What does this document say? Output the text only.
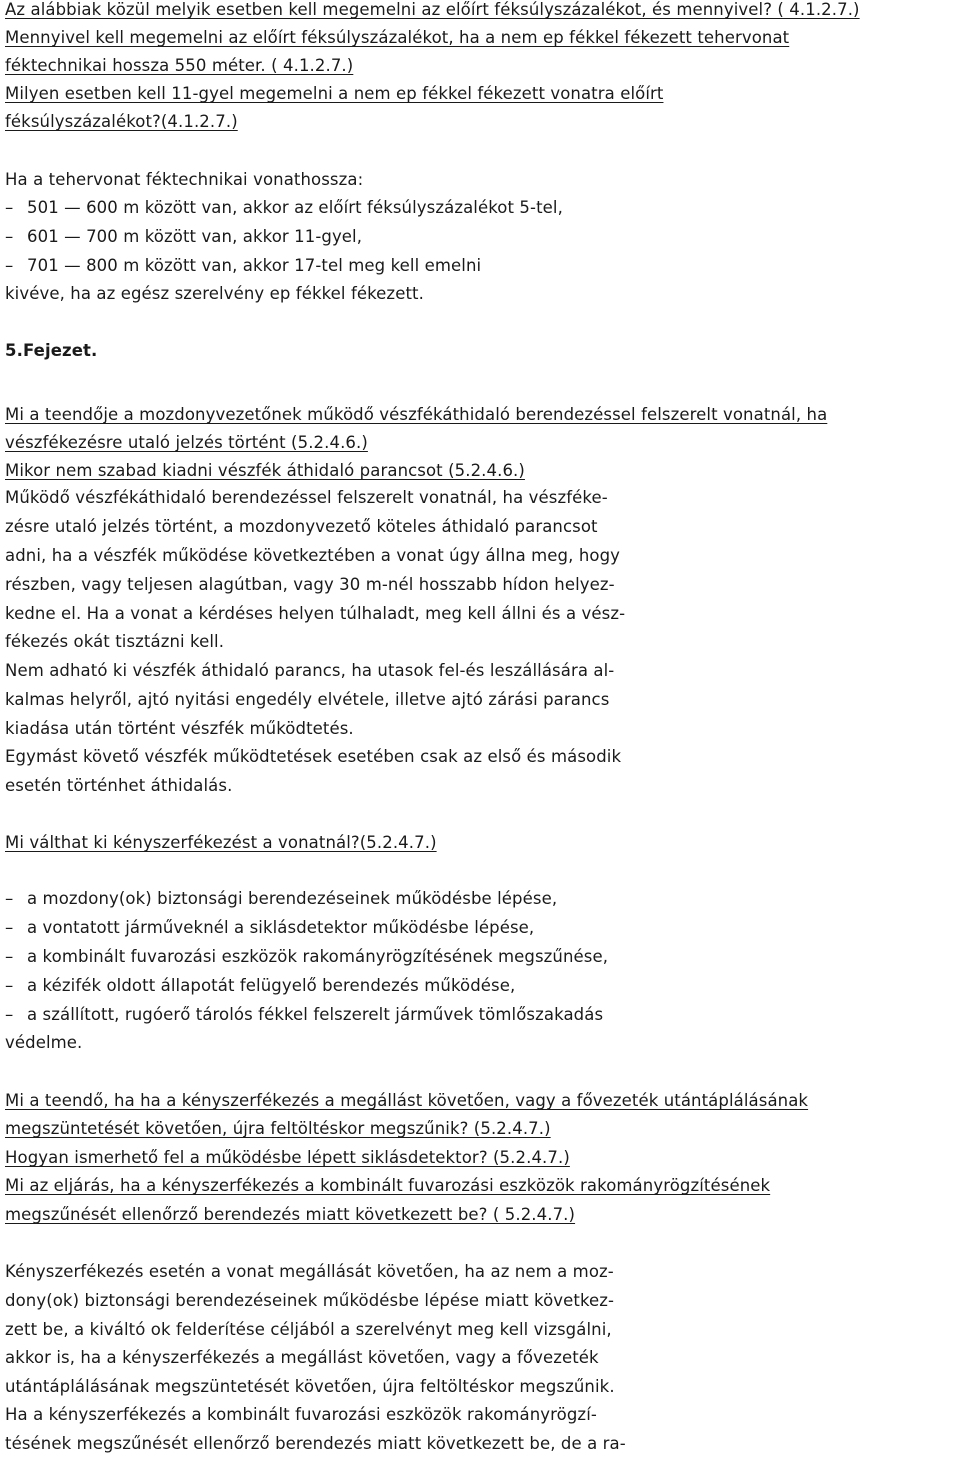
Az alábbiak közül melyik esetben kell megemelni az előírt féksúlyszázalékot, és mennyivel? ( 4.1.2.7.)
Mennyivel kell megemelni az előírt féksúlyszázalékot, ha a nem ep fékkel fékezett tehervonat
féktechnikai hossza 550 méter. ( 4.1.2.7.)
Milyen esetben kell 11-gyel megemelni a nem ep fékkel fékezett vonatra előírt
féksúlyszázalékot?(4.1.2.7.)
Ha a tehervonat féktechnikai vonathossza:
– 501 — 600 m között van, akkor az előírt féksúlyszázalékot 5-tel,
– 601 — 700 m között van, akkor 11-gyel,
– 701 — 800 m között van, akkor 17-tel meg kell emelni
kivéve, ha az egész szerelvény ep fékkel fékezett.
5.Fejezet.
Mi a teendője a mozdonyvezetőnek működő vészfékáthidaló berendezéssel felszerelt vonatnál, ha
vészfékezésre utaló jelzés történt (5.2.4.6.)
Mikor nem szabad kiadni vészfék áthidaló parancsot (5.2.4.6.)
Működő vészfékáthidaló berendezéssel felszerelt vonatnál, ha vészféke-
zésre utaló jelzés történt, a mozdonyvezető köteles áthidaló parancsot
adni, ha a vészfék működése következtében a vonat úgy állna meg, hogy
részben, vagy teljesen alagútban, vagy 30 m-nél hosszabb hídon helyez-
kedne el. Ha a vonat a kérdéses helyen túlhaladt, meg kell állni és a vész-
fékezés okát tisztázni kell.
Nem adható ki vészfék áthidaló parancs, ha utasok fel-és leszállására al-
kalmas helyről, ajtó nyitási engedély elvétele, illetve ajtó zárási parancs
kiadása után történt vészfék működtetés.
Egymást követő vészfék működtetések esetében csak az első és második
esetén történhet áthidalás.
Mi válthat ki kényszerfékezést a vonatnál?(5.2.4.7.)
– a mozdony(ok) biztonsági berendezéseinek működésbe lépése,
– a vontatott járműveknél a siklásdetektor működésbe lépése,
– a kombinált fuvarozási eszközök rakományrögzítésének megszűnése,
– a kézifék oldott állapotát felügyelő berendezés működése,
– a szállított, rugóerő tárolós fékkel felszerelt járművek tömlőszakadás
védelme.
Mi a teendő, ha ha a kényszerfékezés a megállást követően, vagy a fővezeték utántáplálásának
megszüntetését követően, újra feltöltéskor megszűnik? (5.2.4.7.)
Hogyan ismerhető fel a működésbe lépett siklásdetektor? (5.2.4.7.)
Mi az eljárás, ha a kényszerfékezés a kombinált fuvarozási eszközök rakományrögzítésének
megszűnését ellenőrző berendezés miatt következett be? ( 5.2.4.7.)
Kényszerfékezés esetén a vonat megállását követően, ha az nem a moz-
dony(ok) biztonsági berendezéseinek működésbe lépése miatt következ-
zett be, a kiváltó ok felderítése céljából a szerelvényt meg kell vizsgálni,
akkor is, ha a kényszerfékezés a megállást követően, vagy a fővezeték
utántáplálásának megszüntetését követően, újra feltöltéskor megszűnik.
Ha a kényszerfékezés a kombinált fuvarozási eszközök rakományrögzí-
tésének megszűnését ellenőrző berendezés miatt következett be, de a ra-
